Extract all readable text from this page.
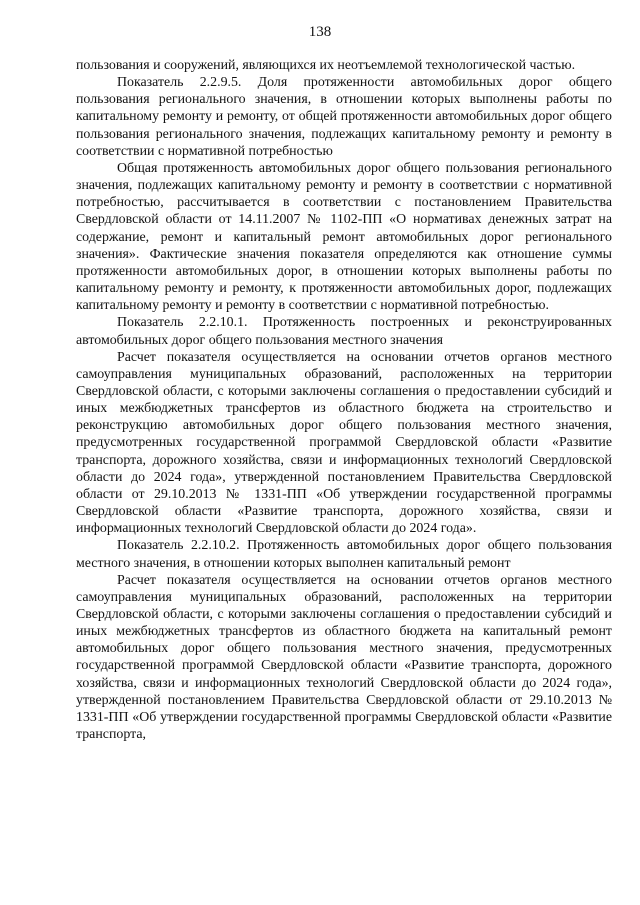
138

пользования и сооружений, являющихся их неотъемлемой технологической частью.

Показатель 2.2.9.5. Доля протяженности автомобильных дорог общего пользования регионального значения, в отношении которых выполнены работы по капитальному ремонту и ремонту, от общей протяженности автомобильных дорог общего пользования регионального значения, подлежащих капитальному ремонту и ремонту в соответствии с нормативной потребностью

Общая протяженность автомобильных дорог общего пользования регионального значения, подлежащих капитальному ремонту и ремонту в соответствии с нормативной потребностью, рассчитывается в соответствии с постановлением Правительства Свердловской области от 14.11.2007 № 1102-ПП «О нормативах денежных затрат на содержание, ремонт и капитальный ремонт автомобильных дорог регионального значения». Фактические значения показателя определяются как отношение суммы протяженности автомобильных дорог, в отношении которых выполнены работы по капитальному ремонту и ремонту, к протяженности автомобильных дорог, подлежащих капитальному ремонту и ремонту в соответствии с нормативной потребностью.

Показатель 2.2.10.1. Протяженность построенных и реконструированных автомобильных дорог общего пользования местного значения

Расчет показателя осуществляется на основании отчетов органов местного самоуправления муниципальных образований, расположенных на территории Свердловской области, с которыми заключены соглашения о предоставлении субсидий и иных межбюджетных трансфертов из областного бюджета на строительство и реконструкцию автомобильных дорог общего пользования местного значения, предусмотренных государственной программой Свердловской области «Развитие транспорта, дорожного хозяйства, связи и информационных технологий Свердловской области до 2024 года», утвержденной постановлением Правительства Свердловской области от 29.10.2013 № 1331-ПП «Об утверждении государственной программы Свердловской области «Развитие транспорта, дорожного хозяйства, связи и информационных технологий Свердловской области до 2024 года».

Показатель 2.2.10.2. Протяженность автомобильных дорог общего пользования местного значения, в отношении которых выполнен капитальный ремонт

Расчет показателя осуществляется на основании отчетов органов местного самоуправления муниципальных образований, расположенных на территории Свердловской области, с которыми заключены соглашения о предоставлении субсидий и иных межбюджетных трансфертов из областного бюджета на капитальный ремонт автомобильных дорог общего пользования местного значения, предусмотренных государственной программой Свердловской области «Развитие транспорта, дорожного хозяйства, связи и информационных технологий Свердловской области до 2024 года», утвержденной постановлением Правительства Свердловской области от 29.10.2013 № 1331-ПП «Об утверждении государственной программы Свердловской области «Развитие транспорта,
